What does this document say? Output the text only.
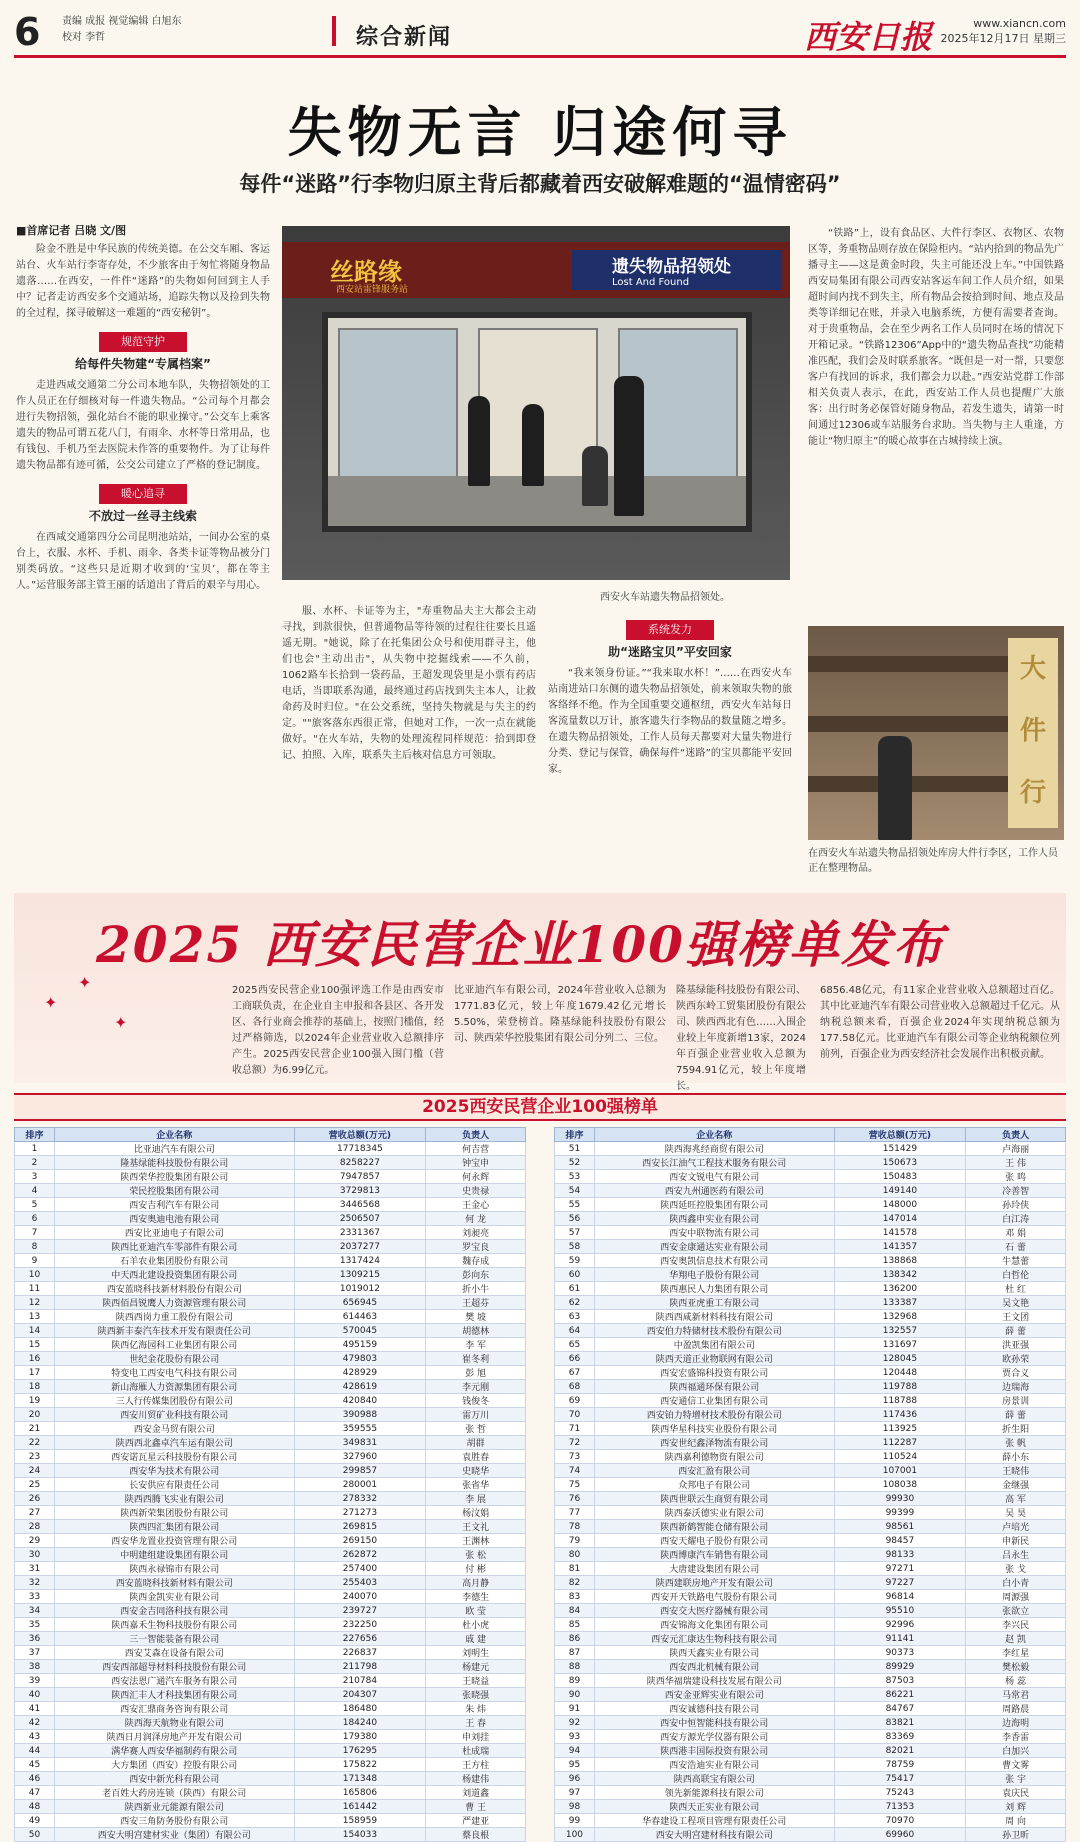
6 责编 成报 视觉编辑 白旭东
校对 李哲	综合新闻	西安日报	www.xiancn.com
2025年12月17日 星期三
失物无言 归途何寻
每件“迷路”行李物归原主背后都藏着西安破解难题的“温情密码”
■首席记者 吕晓 文/图

险金不胜是中华民族的传统美德。在公交车厢、客运站台、火车站行李寄存处，不少旅客由于匆忙将随身物品遗落……在西安，一件件“迷路”的失物如何回到主人手中？记者走访西安多个交通站场，追踪失物以及捡到失物的全过程，探寻破解这一难题的“西安秘钥”。

规范守护
给每件失物建“专属档案”

走进西咸交通第二分公司本地车队，失物招领处的工作人员正在仔细核对每一件遗失物品。“公司每个月都会进行失物招领，强化站台不能的职业操守。”公交车上乘客遗失的物品可谓五花八门，有雨伞、水杯等日常用品，也有钱包、手机乃至去医院未作答的重要物件。为了让每件遗失物品都有迹可循，公交公司建立了严格的登记制度。

暖心追寻
不放过一丝寻主线索

在西咸交通第四分公司昆明池站站，一间办公室的桌台上，衣服、水杯、手机、雨伞、各类卡证等物品被分门别类码放。“这些只是近期才收到的‘宝贝’，都在等主人。”运营服务部主管王丽的话道出了背后的艰辛与用心。

丝路缘
西安站雷锋服务站
遗失物品招领处
Lost And Found
西安火车站遗失物品招领处。

服、水杯、卡证等为主，"寿重物品夫主大都会主动寻找，到款很快，但普通物品等待领的过程往往要长且遥遥无期。"她说，除了在托集团公众号和使用群寻主，他们也会"主动出击"，从失物中挖掘线索——不久前，1062路车长拾到一袋药品，王超发现袋里是小票有药店电话，当即联系沟通，最终通过药店找到失主本人，让救命药及时归位。"在公交系统，坚持失物就是与失主的约定。""旅客落东西很正常，但她对工作，一次一点在就能做好。"在火车站，失物的处理流程同样规范：拾到即登记、拍照、入库，联系失主后核对信息方可领取。

系统发力
助“迷路宝贝”平安回家

“我来领身份证。”“我来取水杯！”……在西安火车站南进站口东侧的遗失物品招领处，前来领取失物的旅客络绎不绝。作为全国重要交通枢纽，西安火车站每日客流量数以万计，旅客遗失行李物品的数量随之增多。在遗失物品招领处，工作人员每天都要对大量失物进行分类、登记与保管，确保每件“迷路”的宝贝都能平安回家。

“铁路”上，设有食品区、大件行李区、衣物区、农物区等，务重物品则存放在保险柜内。“站内拾到的物品先广播寻主——这是黄金时段，失主可能还没上车。”中国铁路西安局集团有限公司西安站客运车间工作人员介绍，如果超时间内找不到失主，所有物品会按拾到时间、地点及品类等详细记在账，并录入电脑系统，方便有需要者查询。对于贵重物品，会在至少两名工作人员同时在场的情况下开箱记录。“铁路12306”App中的“遗失物品查找”功能精准匹配，我们会及时联系旅客。“既但是一对一帮，只要您客户有找回的诉求，我们都会力以赴。”西安站党群工作部相关负责人表示，在此，西安站工作人员也提醒广大旅客：出行时务必保管好随身物品，若发生遗失，请第一时间通过12306或车站服务台求助。当失物与主人重逢，方能让“物归原主”的暖心故事在古城持续上演。

大件行
在西安火车站遗失物品招领处库房大件行李区，工作人员正在整理物品。
2025 西安民营企业100强榜单发布
✦
✦
✦
2025西安民营企业100强评选工作是由西安市工商联负责，在企业自主申报和各县区、各开发区、各行业商会推荐的基础上，按照门槛值，经过严格筛选，以2024年企业营业收入总额排序产生。2025西安民营企业100强入围门槛（营收总额）为6.99亿元。
比亚迪汽车有限公司，2024年营业收入总额为1771.83亿元，较上年度1679.42亿元增长5.50%，荣登榜首。隆基绿能科技股份有限公司、陕西荣华控股集团有限公司分列二、三位。
隆基绿能科技股份有限公司、陕西东岭工贸集团股份有限公司、陕西西北有色……入围企业较上年度新增13家，2024年百强企业营业收入总额为7594.91亿元，较上年度增长。
6856.48亿元，有11家企业营业收入总额超过百亿。其中比亚迪汽车有限公司营业收入总额超过千亿元。从纳税总额来看，百强企业2024年实现纳税总额为177.58亿元。比亚迪汽车有限公司等企业纳税额位列前列，百强企业为西安经济社会发展作出积极贡献。
2025西安民营企业100强榜单
排序	企业名称	营收总额(万元)	负责人
1	比亚迪汽车有限公司	17718345	何吉营
2	隆基绿能科技股份有限公司	8258227	钟宝申
3	陕西荣华控股集团有限公司	7947857	何永辉
4	荣民控股集团有限公司	3729813	史贵禄
5	西安吉利汽车有限公司	3446568	王金心
6	西安奥迪电池有限公司	2506507	何 龙
7	西安比亚迪电子有限公司	2331367	刘昶亮
8	陕西比亚迪汽车零部件有限公司	2037277	罗宝良
9	石羊农业集团股份有限公司	1317424	魏存成
10	中天西北建设投资集团有限公司	1309215	彭向东
11	西安蓝晓科技新材料股份有限公司	1019012	折小牛
12	陕西佰昌锐鹰人力资源管理有限公司	656945	王超芬
13	陕西西岗力重工股份有限公司	614463	樊 坡
14	陕西新丰泰汽车技术开发有限责任公司	570045	胡德林
15	陕西亿海园科工业集团有限公司	495159	李 军
16	世纪金花股份有限公司	479803	崔冬利
17	特变电工西安电气科技有限公司	428929	彭 旭
18	新山海雁人力资源集团有限公司	428619	李元刚
19	三人行传媒集团股份有限公司	420840	钱俊冬
20	西安川贸矿业科技有限公司	390988	雷万川
21	西安金马贸有限公司	359555	张 哲
22	陕西西北鑫卓汽车运有限公司	349831	胡群
23	西安诺瓦星云科技股份有限公司	327960	袁胜春
24	西安华为技术有限公司	299857	史晓华
25	长安供应有限责任公司	280001	张省华
26	陕西西腾飞实业有限公司	278332	李 展
27	陕西新荣集团股份有限公司	271273	杨汶娟
28	陕西四汇集团有限公司	269815	王文礼
29	西安华龙置业投资管理有限公司	269150	王渊林
30	中明建组建设集团有限公司	262872	张 松
31	陕西永禄锦市有限公司	257400	付 彬
32	西安蓝晓科技新材料有限公司	255403	高月静
33	陕西金凯实业有限公司	240070	李德生
34	西安金吉同洛科技有限公司	239727	欧 莹
35	陕西嘉禾生物科技股份有限公司	232250	杜小虎
36	三一智能装备有限公司	227656	戚 建
37	西安艾森在设备有限公司	226837	刘明生
38	西安西部超导材料科技股份有限公司	211798	杨建元
39	西安法恩广通汽车服务有限公司	210784	王晓益
40	陕西汇丰人才科技集团有限公司	204307	张晓强
41	西安汇鼎商务咨询有限公司	186480	朱 炜
42	陕西海天航物业有限公司	184240	王 春
43	陕西日月润泽房地产开发有限公司	179380	申刘挂
44	满华赛人西安华福制药有限公司	176295	杜成瑞
45	大方集团（西安）控股有限公司	175822	王方柱
46	西安中新光科有限公司	171348	杨建伟
47	老百姓大药房连锁（陕西）有限公司	165806	刘道鑫
48	陕西新业元能源有限公司	161442	曹 王
49	西安三角防务股份有限公司	158959	严建亚
50	西安大明宫建材实业（集团）有限公司	154033	蔡良根
排序	企业名称	营收总额(万元)	负责人
51	陕西海兆经商贸有限公司	151429	卢海丽
52	西安长江油气工程技术服务有限公司	150673	王 伟
53	西安文锐电气有限公司	150483	张 鸣
54	西安九州通医药有限公司	149140	冷善智
55	陕西延旺控股集团有限公司	148000	孙玲侠
56	陕西鑫申实业有限公司	147014	白江涛
57	西安中联物流有限公司	141578	邓 娟
58	西安金康通达实业有限公司	141357	石 蕾
59	西安奥凯信息技术有限公司	138868	牛慧蕾
60	华翔电子股份有限公司	138342	白哲伦
61	陕西惠民人力集团有限公司	136200	杜 红
62	陕西亚虎重工有限公司	133387	吴文艳
63	陕西西咸新材料科技有限公司	132968	王文团
64	西安伯力特储材技术股份有限公司	132557	薛 蕾
65	中盈凯集团有限公司	131697	洪亚强
66	陕西天道正业物联网有限公司	128045	欧孙荣
67	西安宏盛锦科投资有限公司	120448	贾合义
68	陕西福通环保有限公司	119788	边瑞海
69	西安通信工业集团有限公司	118788	房景训
70	西安铂力特增材技术股份有限公司	117436	薛 蕾
71	陕西华星科技实业股份有限公司	113925	折生阳
72	西安世纪鑫泽物流有限公司	112287	张 帆
73	陕西嘉利德物资有限公司	110524	薛小东
74	西安汇盈有限公司	107001	王晓伟
75	众邦电子有限公司	108038	金继强
76	陕西世联云生商贸有限公司	99930	高 军
77	陕西泰沃德实业有限公司	99399	吴 昊
78	陕西新鹤智能仓储有限公司	98561	卢培光
79	西安天耀电子股份有限公司	98457	申新民
80	陕西博康汽车销售有限公司	98133	吕永生
81	大唐建设集团有限公司	97271	张 戈
82	陕西建联房地产开发有限公司	97227	白小青
83	西安开天铁路电气股份有限公司	96814	周源强
84	西安交大医疗器械有限公司	95510	张欲立
85	西安锦海文化集团有限公司	92996	李兴民
86	西安元汇康达生物科技有限公司	91141	赵 凯
87	陕西天鑫实业有限公司	90373	李红星
88	西安西北机械有限公司	89929	樊松毅
89	陕西华福瑞建设科技发展有限公司	87503	杨 蕊
90	西安金亚辉实业有限公司	86221	马常君
91	西安诚德科技有限公司	84767	周路晨
92	西安中恒智能科技有限公司	83821	边海明
93	西安方源光学仪器有限公司	83369	李香雷
94	陕西港丰国际投资有限公司	82021	白加兴
95	西安浩迪实业有限公司	78759	曹文雾
96	陕西高联宝有限公司	75417	张 宇
97	领先新能源科技有限公司	75243	袁庆民
98	陕西天正实业有限公司	71353	刘 辉
99	华春建设工程项目管理有限责任公司	70970	周 向
100	西安大明宫建材科技有限公司	69960	孙卫昕
